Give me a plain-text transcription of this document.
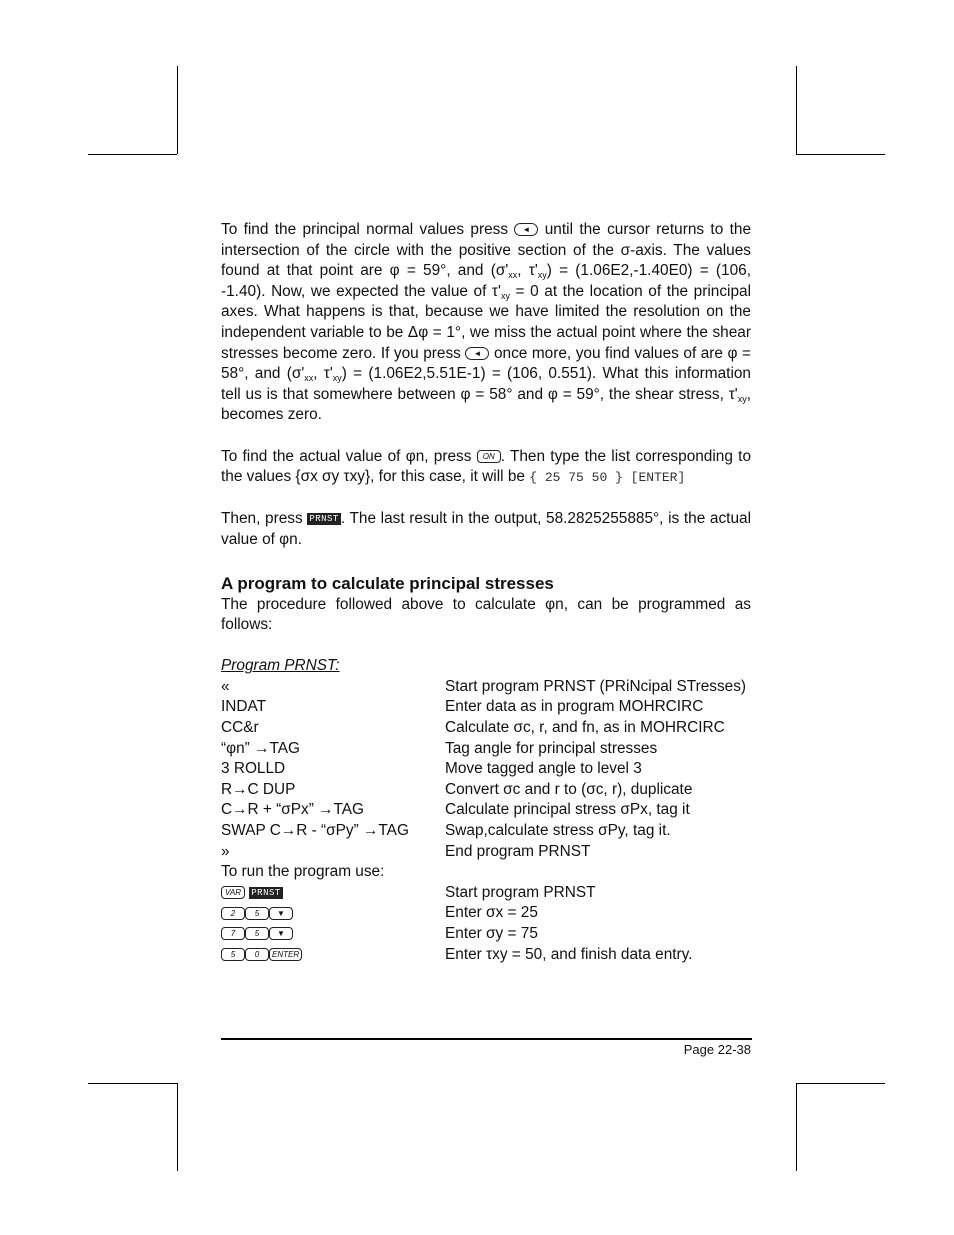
To find the principal normal values press ◄ until the cursor returns to the intersection of the circle with the positive section of the σ-axis. The values found at that point are φ = 59°, and ($\sigma'_{xx}$, $\tau'_{xy}) = (1.06E2,-1.40E0) = (106$, -1.40). Now, we expected the value of $\tau'_{xy} = 0$ at the location of the principal axes. What happens is that, because we have limited the resolution on the independent variable to be Δφ = 1°, we miss the actual point where the shear stresses become zero. If you press ◄ once more, you find values of are φ = 58°, and ($\sigma'_{xx}$, $\tau'_{xy}) = (1.06E2,5.51E-1) = (106$, 0.551). What this information tell us is that somewhere between φ = 58° and φ = 59°, the shear stress, $\tau'_{xy}$, becomes zero.

To find the actual value of φn, press ON . Then type the list corresponding to the values {σx σy τxy}, for this case, it will be { 25 75 50 } [ENTER]

Then, press PRNST . The last result in the output, 58.2825255885°, is the actual value of φn.

A program to calculate principal stresses

The procedure followed above to calculate φn, can be programmed as follows:

Program PRNST:
«	Start program PRNST (PRiNcipal STresses)
INDAT	Enter data as in program MOHRCIRC
CC&r	Calculate σc, r, and fn, as in MOHRCIRC
“φn” →TAG	Tag angle for principal stresses
3 ROLLD	Move tagged angle to level 3
R→C DUP	Convert σc and r to (σc, r), duplicate
C→R + “σPx” →TAG	Calculate principal stress σPx, tag it
SWAP C→R - “σPy” →TAG	Swap,calculate stress σPy, tag it.
»	End program PRNST
To run the program use:
VAR PRNST	Start program PRNST
2 5 ▼	Enter σx = 25
7 5 ▼	Enter σy = 75
5 0 ENTER	Enter τxy = 50, and finish data entry.
Page 22-38
